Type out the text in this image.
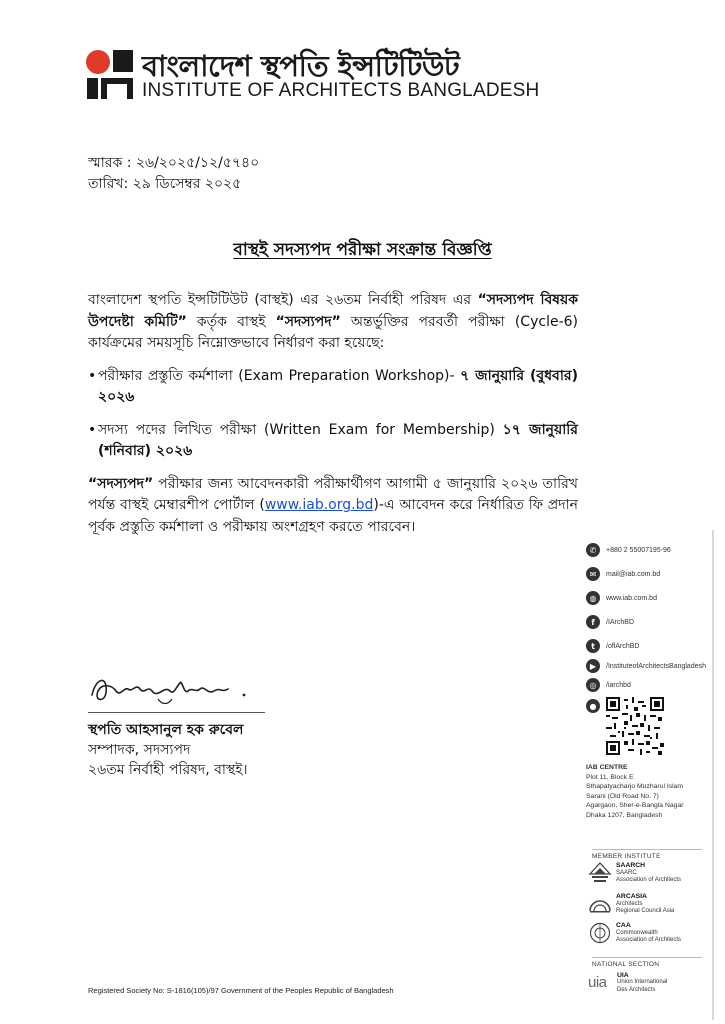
বাংলাদেশ স্থপতি ইন্সটিটিউট
INSTITUTE OF ARCHITECTS BANGLADESH
স্মারক : ২৬/২০২৫/১২/৫৭৪০
তারিখ: ২৯ ডিসেম্বর ২০২৫
বাস্থই সদস্যপদ পরীক্ষা সংক্রান্ত বিজ্ঞপ্তি

বাংলাদেশ স্থপতি ইন্সটিটিউট (বাস্থই) এর ২৬তম নির্বাহী পরিষদ এর “সদস্যপদ বিষয়ক উপদেষ্টা কমিটি” কর্তৃক বাস্থই “সদস্যপদ” অন্তর্ভুক্তির পরবর্তী পরীক্ষা (Cycle-6) কার্যক্রমের সময়সূচি নিম্নোক্তভাবে নির্ধারণ করা হয়েছে:

• পরীক্ষার প্রস্তুতি কর্মশালা (Exam Preparation Workshop)- ৭ জানুয়ারি (বুধবার) ২০২৬
• সদস্য পদের লিখিত পরীক্ষা (Written Exam for Membership) ১৭ জানুয়ারি (শনিবার) ২০২৬

“সদস্যপদ” পরীক্ষার জন্য আবেদনকারী পরীক্ষার্থীগণ আগামী ৫ জানুয়ারি ২০২৬ তারিখ পর্যন্ত বাস্থই মেম্বারশীপ পোর্টাল (www.iab.org.bd)-এ আবেদন করে নির্ধারিত ফি প্রদান পূর্বক প্রস্তুতি কর্মশালা ও পরীক্ষায় অংশগ্রহণ করতে পারবেন।

স্থপতি আহসানুল হক রুবেল
সম্পাদক, সদস্যপদ
২৬তম নির্বাহী পরিষদ, বাস্থই।
Registered Society No: S-1816(105)/97 Government of the Peoples Republic of Bangladesh
✆	+880 2 55007195-96
✉	mail@iab.com.bd
◍	www.iab.com.bd
f	/IArchBD
t	/oflArchBD
▶	/InstituteofArchitectsBangladesh
◎	/iarchbd
●
IAB CENTRE
Plot 11, Block E
Sthapatyacharjo Muzharul Islam
Sarani (Old Road No. 7)
Agargaon, Sher-e-Bangla Nagar
Dhaka 1207, Bangladesh
MEMBER INSTITUTE
SAARCH
SAARC
Association of Architects
ARCASIA
Architects
Regional Council Asia
CAA
Commonwealth
Association of Architects
NATIONAL SECTION
uia UIA
Union International
Des Architects
